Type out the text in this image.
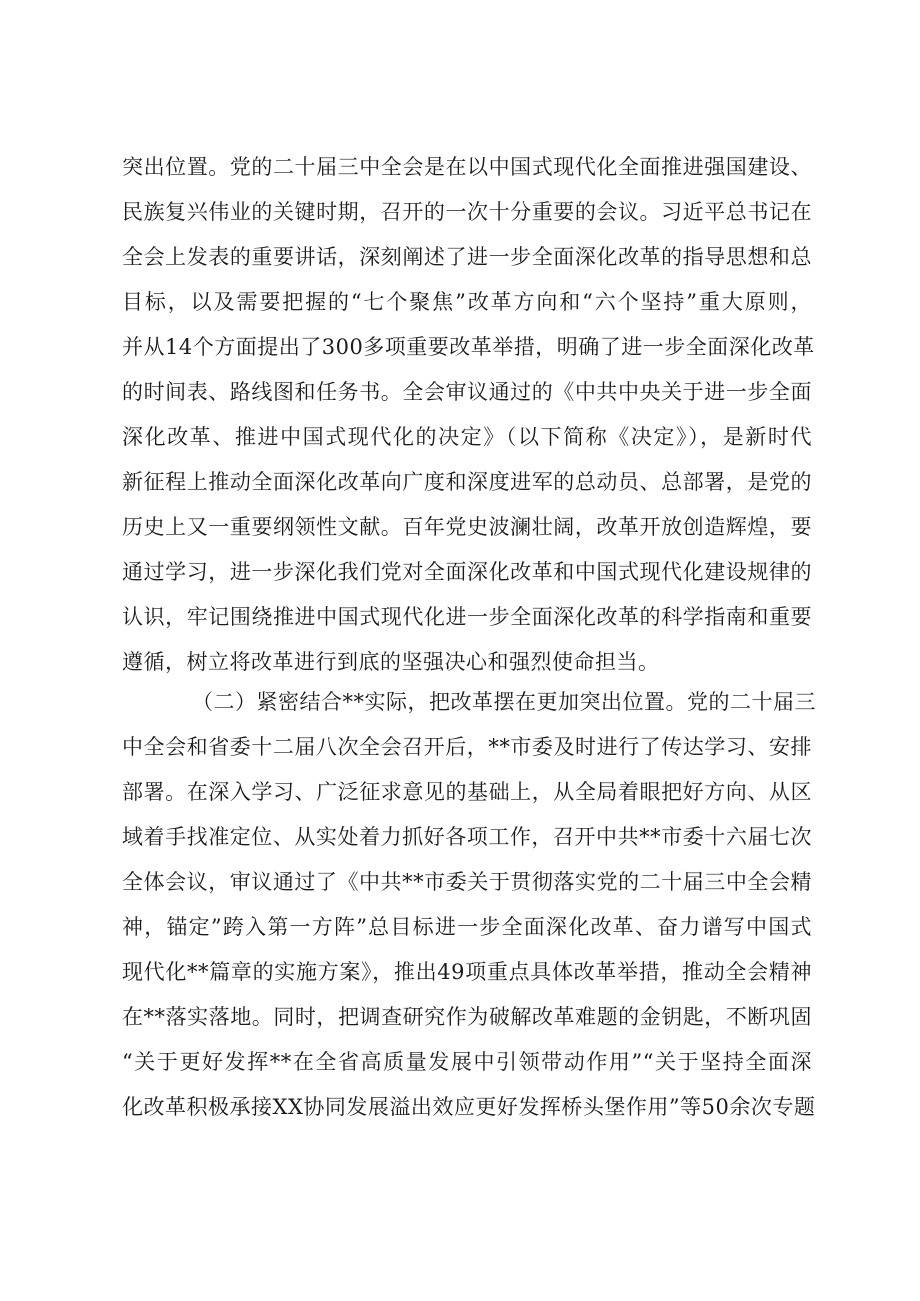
突出位置。党的二十届三中全会是在以中国式现代化全面推进强国建设、
民族复兴伟业的关键时期，召开的一次十分重要的会议。习近平总书记在
全会上发表的重要讲话，深刻阐述了进一步全面深化改革的指导思想和总
目标，以及需要把握的“七个聚焦”改革方向和“六个坚持”重大原则，
并从14个方面提出了300多项重要改革举措，明确了进一步全面深化改革
的时间表、路线图和任务书。全会审议通过的《中共中央关于进一步全面
深化改革、推进中国式现代化的决定》（以下简称《决定》），是新时代
新征程上推动全面深化改革向广度和深度进军的总动员、总部署，是党的
历史上又一重要纲领性文献。百年党史波澜壮阔，改革开放创造辉煌，要
通过学习，进一步深化我们党对全面深化改革和中国式现代化建设规律的
认识，牢记围绕推进中国式现代化进一步全面深化改革的科学指南和重要
遵循，树立将改革进行到底的坚强决心和强烈使命担当。
（二）紧密结合**实际，把改革摆在更加突出位置。党的二十届三
中全会和省委十二届八次全会召开后，**市委及时进行了传达学习、安排
部署。在深入学习、广泛征求意见的基础上，从全局着眼把好方向、从区
域着手找准定位、从实处着力抓好各项工作，召开中共**市委十六届七次
全体会议，审议通过了《中共**市委关于贯彻落实党的二十届三中全会精
神，锚定”跨入第一方阵”总目标进一步全面深化改革、奋力谱写中国式
现代化**篇章的实施方案》，推出49项重点具体改革举措，推动全会精神
在**落实落地。同时，把调查研究作为破解改革难题的金钥匙，不断巩固
“关于更好发挥**在全省高质量发展中引领带动作用”“关于坚持全面深
化改革积极承接XX协同发展溢出效应更好发挥桥头堡作用”等50余次专题
